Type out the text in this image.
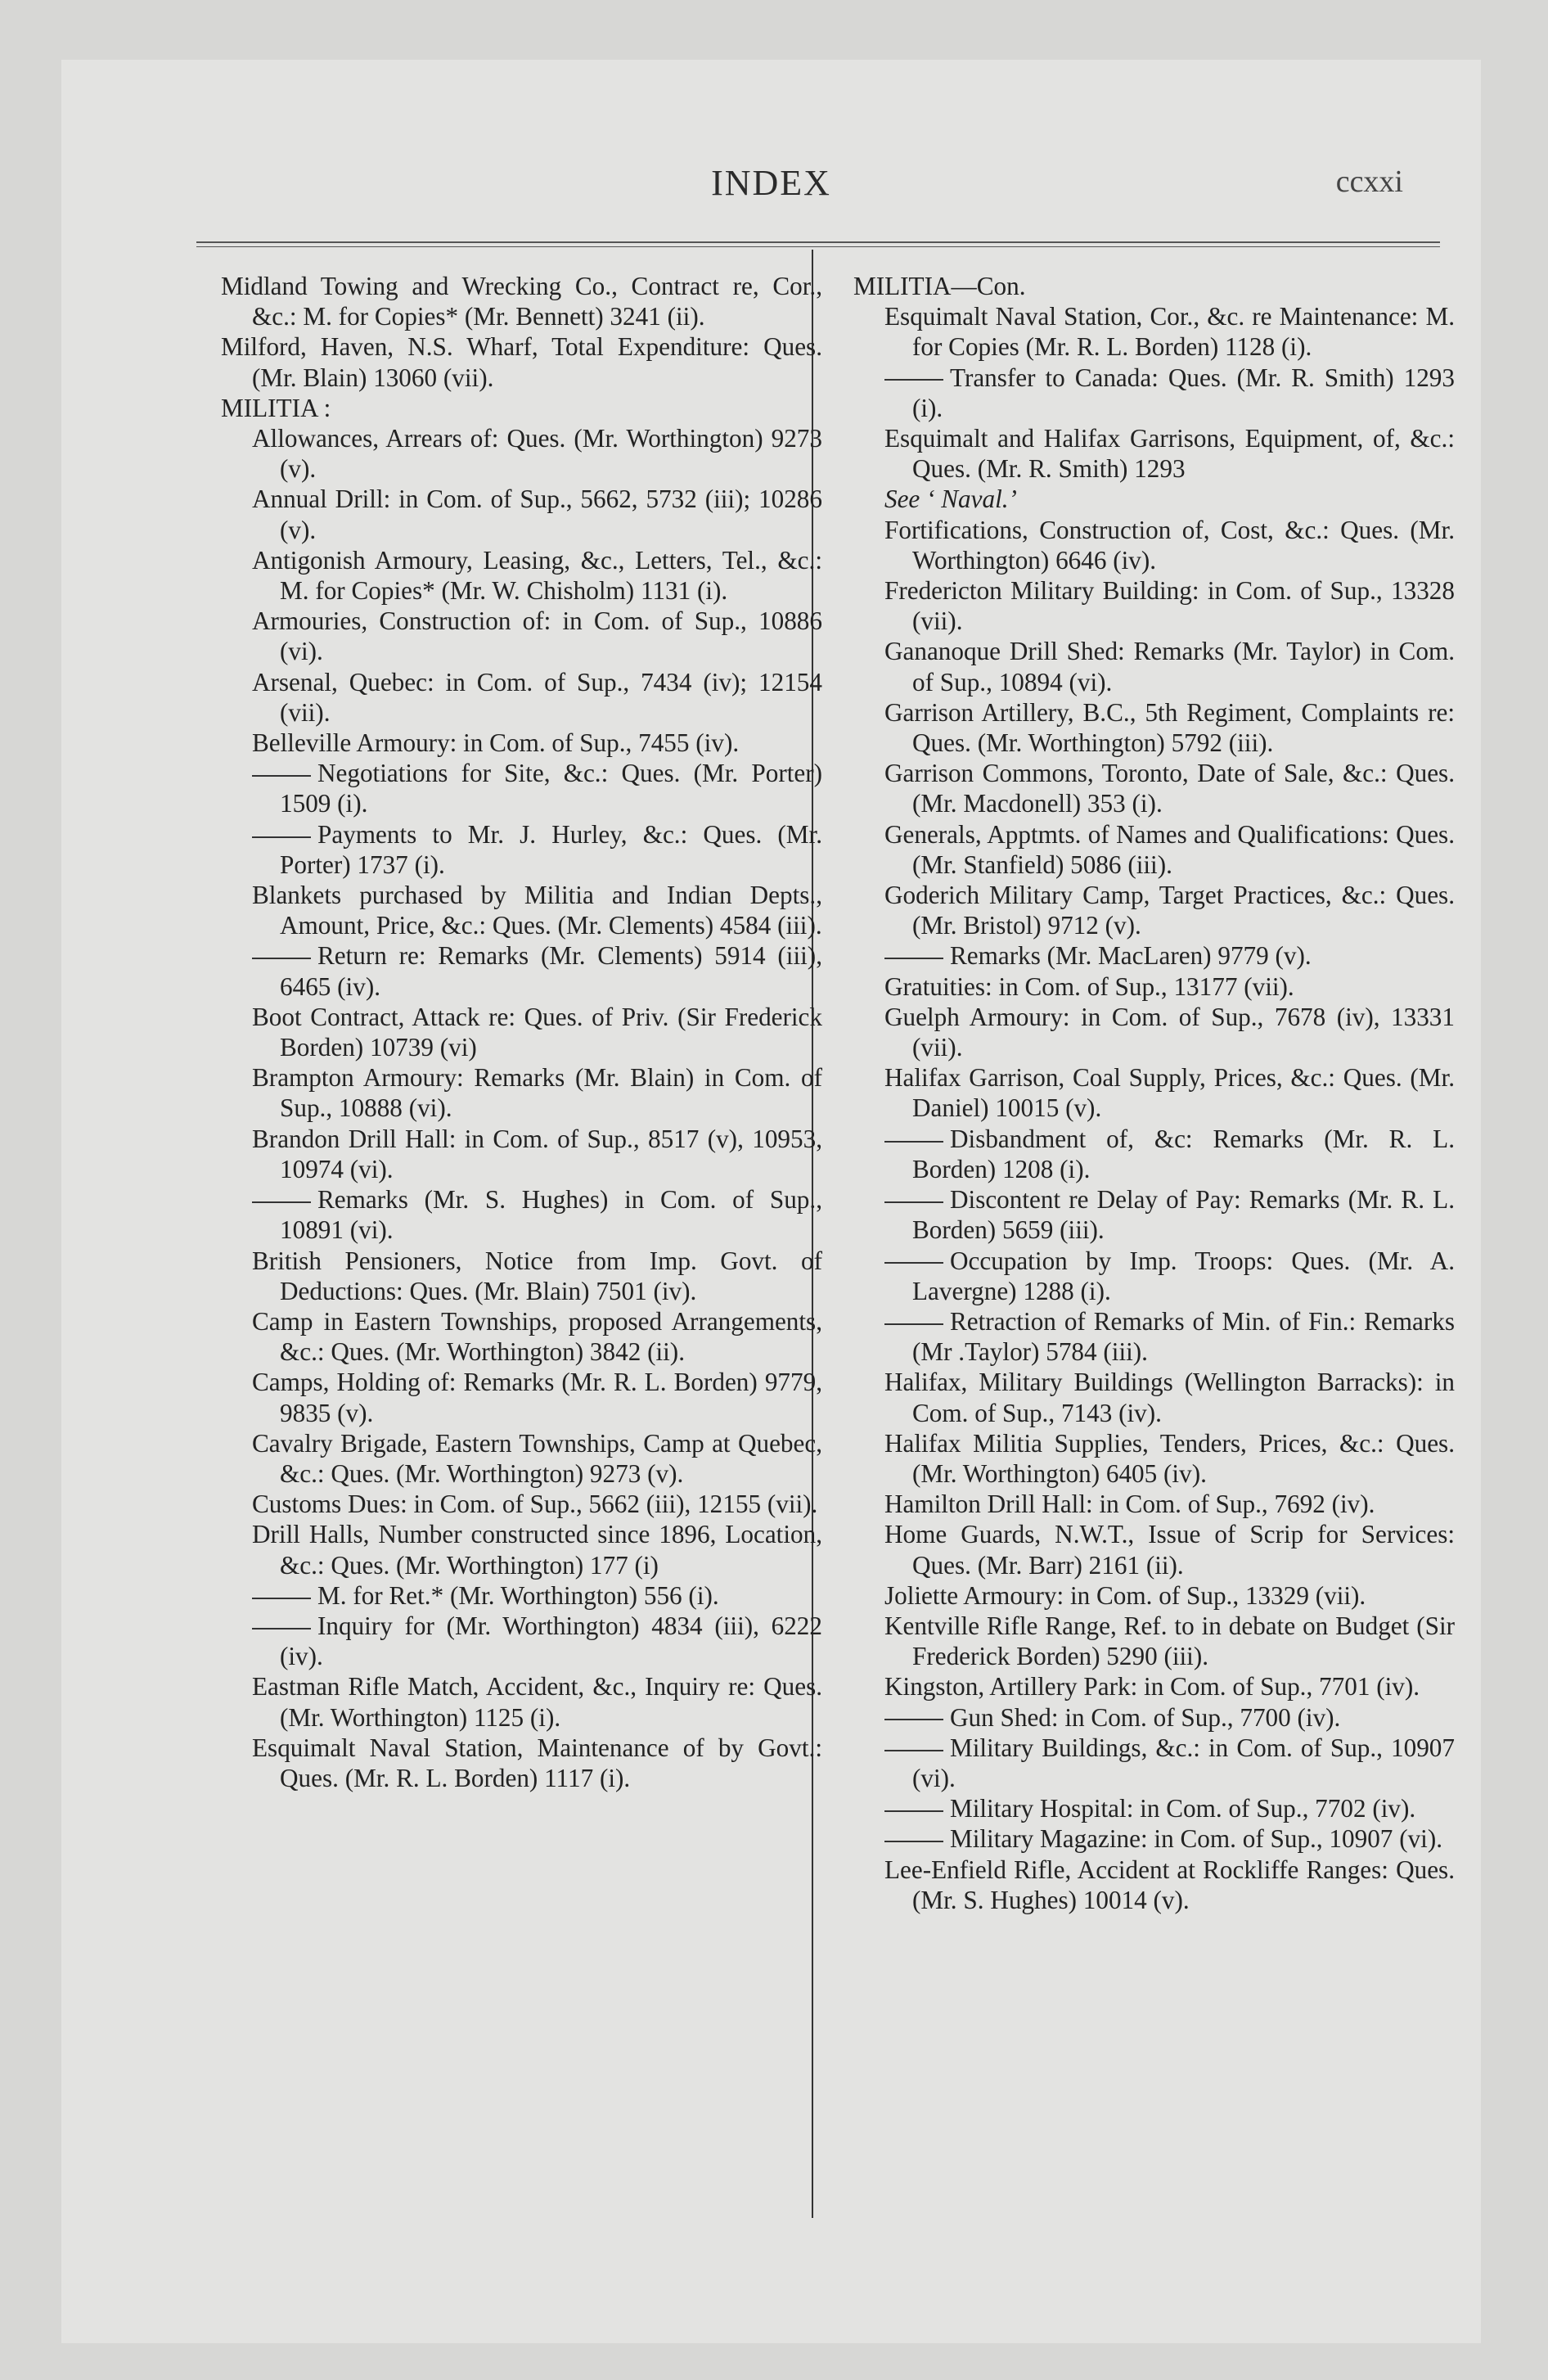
INDEX	ccxxi
Midland Towing and Wrecking Co., Contract re, Cor., &c.: M. for Copies* (Mr. Bennett) 3241 (ii).
Milford, Haven, N.S. Wharf, Total Expenditure: Ques. (Mr. Blain) 13060 (vii).
MILITIA :
Allowances, Arrears of: Ques. (Mr. Worthington) 9273 (v).
Annual Drill: in Com. of Sup., 5662, 5732 (iii); 10286 (v).
Antigonish Armoury, Leasing, &c., Letters, Tel., &c.: M. for Copies* (Mr. W. Chisholm) 1131 (i).
Armouries, Construction of: in Com. of Sup., 10886 (vi).
Arsenal, Quebec: in Com. of Sup., 7434 (iv); 12154 (vii).
Belleville Armoury: in Com. of Sup., 7455 (iv).
Negotiations for Site, &c.: Ques. (Mr. Porter) 1509 (i).
Payments to Mr. J. Hurley, &c.: Ques. (Mr. Porter) 1737 (i).
Blankets purchased by Militia and Indian Depts., Amount, Price, &c.: Ques. (Mr. Clements) 4584 (iii).
Return re: Remarks (Mr. Clements) 5914 (iii), 6465 (iv).
Boot Contract, Attack re: Ques. of Priv. (Sir Frederick Borden) 10739 (vi)
Brampton Armoury: Remarks (Mr. Blain) in Com. of Sup., 10888 (vi).
Brandon Drill Hall: in Com. of Sup., 8517 (v), 10953, 10974 (vi).
Remarks (Mr. S. Hughes) in Com. of Sup., 10891 (vi).
British Pensioners, Notice from Imp. Govt. of Deductions: Ques. (Mr. Blain) 7501 (iv).
Camp in Eastern Townships, proposed Arrangements, &c.: Ques. (Mr. Worthington) 3842 (ii).
Camps, Holding of: Remarks (Mr. R. L. Borden) 9779, 9835 (v).
Cavalry Brigade, Eastern Townships, Camp at Quebec, &c.: Ques. (Mr. Worthington) 9273 (v).
Customs Dues: in Com. of Sup., 5662 (iii), 12155 (vii).
Drill Halls, Number constructed since 1896, Location, &c.: Ques. (Mr. Worthington) 177 (i)
M. for Ret.* (Mr. Worthington) 556 (i).
Inquiry for (Mr. Worthington) 4834 (iii), 6222 (iv).
Eastman Rifle Match, Accident, &c., Inquiry re: Ques. (Mr. Worthington) 1125 (i).
Esquimalt Naval Station, Maintenance of by Govt.: Ques. (Mr. R. L. Borden) 1117 (i).
MILITIA—Con.
Esquimalt Naval Station, Cor., &c. re Maintenance: M. for Copies (Mr. R. L. Borden) 1128 (i).
Transfer to Canada: Ques. (Mr. R. Smith) 1293 (i).
Esquimalt and Halifax Garrisons, Equipment, of, &c.: Ques. (Mr. R. Smith) 1293
See ‘ Naval.’
Fortifications, Construction of, Cost, &c.: Ques. (Mr. Worthington) 6646 (iv).
Fredericton Military Building: in Com. of Sup., 13328 (vii).
Gananoque Drill Shed: Remarks (Mr. Taylor) in Com. of Sup., 10894 (vi).
Garrison Artillery, B.C., 5th Regiment, Complaints re: Ques. (Mr. Worthington) 5792 (iii).
Garrison Commons, Toronto, Date of Sale, &c.: Ques. (Mr. Macdonell) 353 (i).
Generals, Apptmts. of Names and Qualifications: Ques. (Mr. Stanfield) 5086 (iii).
Goderich Military Camp, Target Practices, &c.: Ques. (Mr. Bristol) 9712 (v).
Remarks (Mr. MacLaren) 9779 (v).
Gratuities: in Com. of Sup., 13177 (vii).
Guelph Armoury: in Com. of Sup., 7678 (iv), 13331 (vii).
Halifax Garrison, Coal Supply, Prices, &c.: Ques. (Mr. Daniel) 10015 (v).
Disbandment of, &c: Remarks (Mr. R. L. Borden) 1208 (i).
Discontent re Delay of Pay: Remarks (Mr. R. L. Borden) 5659 (iii).
Occupation by Imp. Troops: Ques. (Mr. A. Lavergne) 1288 (i).
Retraction of Remarks of Min. of Fin.: Remarks (Mr .Taylor) 5784 (iii).
Halifax, Military Buildings (Wellington Barracks): in Com. of Sup., 7143 (iv).
Halifax Militia Supplies, Tenders, Prices, &c.: Ques. (Mr. Worthington) 6405 (iv).
Hamilton Drill Hall: in Com. of Sup., 7692 (iv).
Home Guards, N.W.T., Issue of Scrip for Services: Ques. (Mr. Barr) 2161 (ii).
Joliette Armoury: in Com. of Sup., 13329 (vii).
Kentville Rifle Range, Ref. to in debate on Budget (Sir Frederick Borden) 5290 (iii).
Kingston, Artillery Park: in Com. of Sup., 7701 (iv).
Gun Shed: in Com. of Sup., 7700 (iv).
Military Buildings, &c.: in Com. of Sup., 10907 (vi).
Military Hospital: in Com. of Sup., 7702 (iv).
Military Magazine: in Com. of Sup., 10907 (vi).
Lee-Enfield Rifle, Accident at Rockliffe Ranges: Ques. (Mr. S. Hughes) 10014 (v).
